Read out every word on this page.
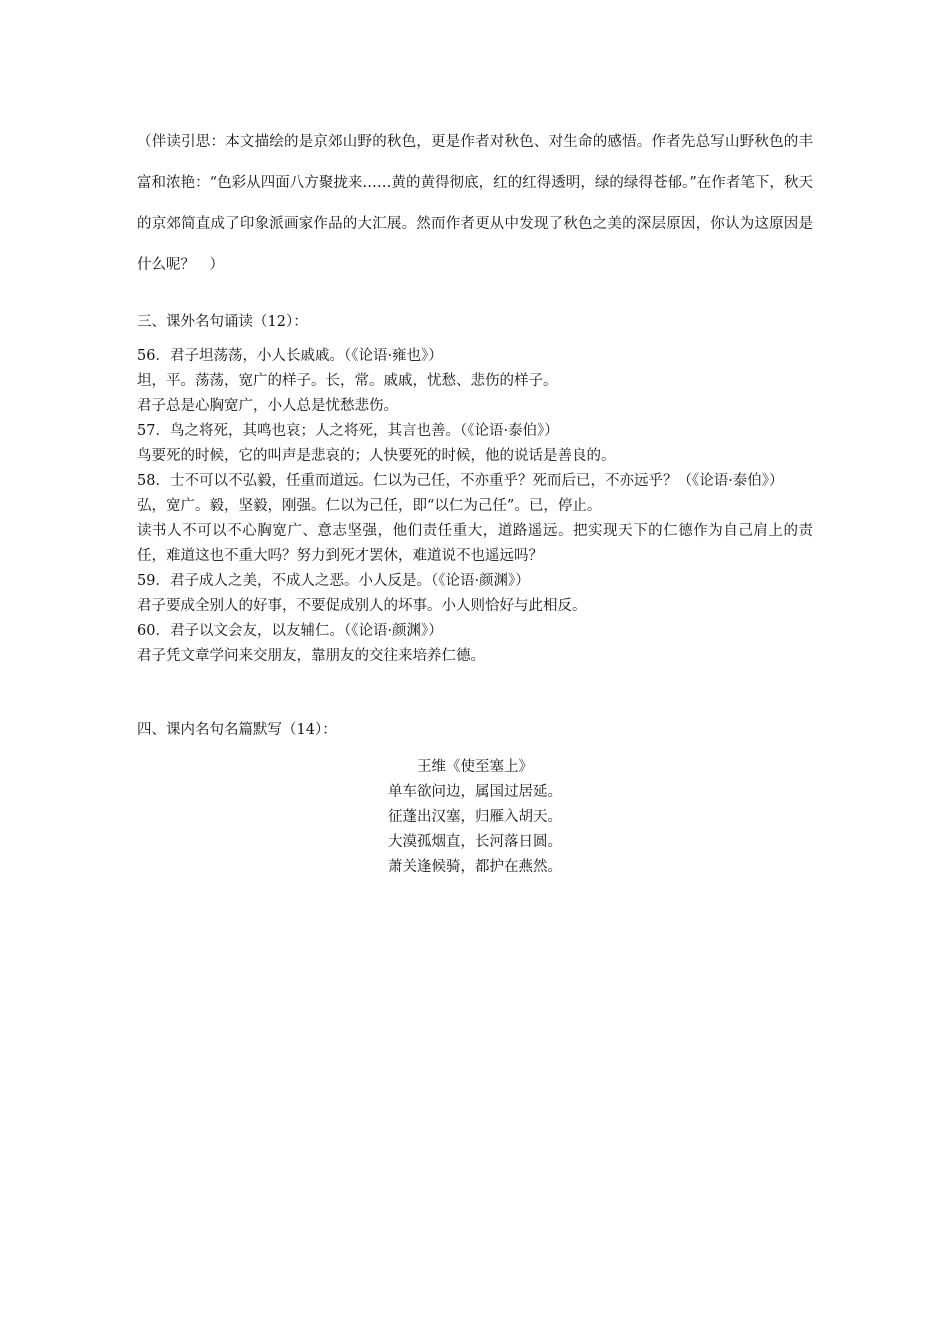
（伴读引思：本文描绘的是京郊山野的秋色，更是作者对秋色、对生命的感悟。作者先总写山野秋色的丰富和浓艳：“色彩从四面八方聚拢来……黄的黄得彻底，红的红得透明，绿的绿得苍郁。”在作者笔下，秋天的京郊简直成了印象派画家作品的大汇展。然而作者更从中发现了秋色之美的深层原因，你认为这原因是什么呢？　）

三、课外名句诵读（12）：

56．君子坦荡荡，小人长戚戚。（《论语·雍也》）

坦，平。荡荡，宽广的样子。长，常。戚戚，忧愁、悲伤的样子。

君子总是心胸宽广，小人总是忧愁悲伤。

57．鸟之将死，其鸣也哀；人之将死，其言也善。（《论语·泰伯》）

鸟要死的时候，它的叫声是悲哀的；人快要死的时候，他的说话是善良的。

58．士不可以不弘毅，任重而道远。仁以为己任，不亦重乎？死而后已，不亦远乎？（《论语·泰伯》）

弘，宽广。毅，坚毅，刚强。仁以为己任，即“以仁为己任”。已，停止。

读书人不可以不心胸宽广、意志坚强，他们责任重大，道路遥远。把实现天下的仁德作为自己肩上的责任，难道这也不重大吗？努力到死才罢休，难道说不也遥远吗？

59．君子成人之美，不成人之恶。小人反是。（《论语·颜渊》）

君子要成全别人的好事，不要促成别人的坏事。小人则恰好与此相反。

60．君子以文会友，以友辅仁。（《论语·颜渊》）

君子凭文章学问来交朋友，靠朋友的交往来培养仁德。

四、课内名句名篇默写（14）：

王维《使至塞上》

单车欲问边，属国过居延。

征蓬出汉塞，归雁入胡天。

大漠孤烟直，长河落日圆。

萧关逢候骑，都护在燕然。
